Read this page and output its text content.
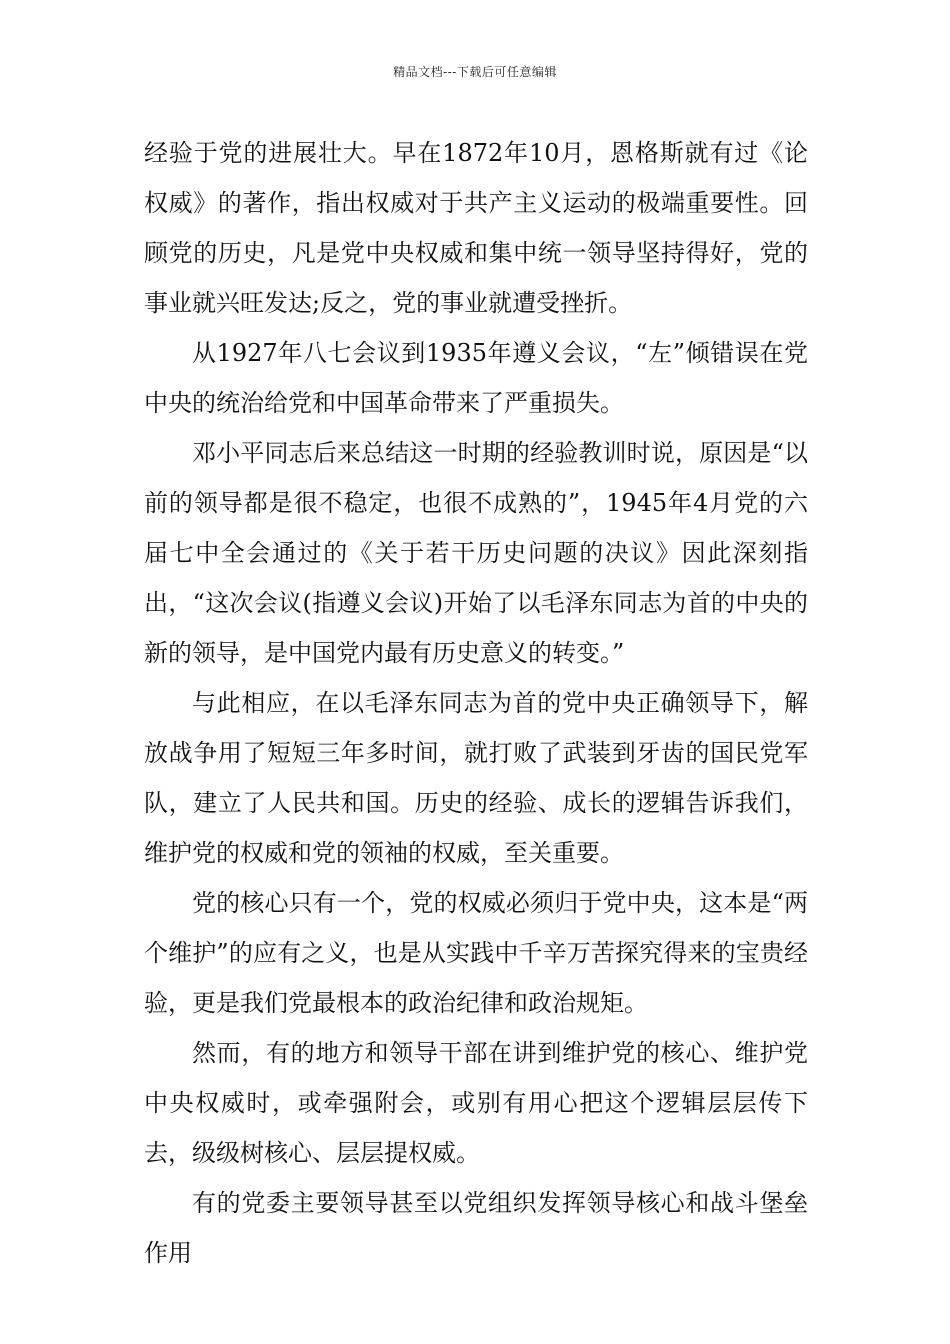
精品文档---下载后可任意编辑

经验于党的进展壮大。早在1872年10月，恩格斯就有过《论权威》的著作，指出权威对于共产主义运动的极端重要性。回顾党的历史，凡是党中央权威和集中统一领导坚持得好，党的事业就兴旺发达;反之，党的事业就遭受挫折。

从1927年八七会议到1935年遵义会议，“左”倾错误在党中央的统治给党和中国革命带来了严重损失。

邓小平同志后来总结这一时期的经验教训时说，原因是“以前的领导都是很不稳定，也很不成熟的”，1945年4月党的六届七中全会通过的《关于若干历史问题的决议》因此深刻指出，“这次会议(指遵义会议)开始了以毛泽东同志为首的中央的新的领导，是中国党内最有历史意义的转变。”

与此相应，在以毛泽东同志为首的党中央正确领导下，解放战争用了短短三年多时间，就打败了武装到牙齿的国民党军队，建立了人民共和国。历史的经验、成长的逻辑告诉我们，维护党的权威和党的领袖的权威，至关重要。

党的核心只有一个，党的权威必须归于党中央，这本是“两个维护”的应有之义，也是从实践中千辛万苦探究得来的宝贵经验，更是我们党最根本的政治纪律和政治规矩。

然而，有的地方和领导干部在讲到维护党的核心、维护党中央权威时，或牵强附会，或别有用心把这个逻辑层层传下去，级级树核心、层层提权威。

有的党委主要领导甚至以党组织发挥领导核心和战斗堡垒作用
